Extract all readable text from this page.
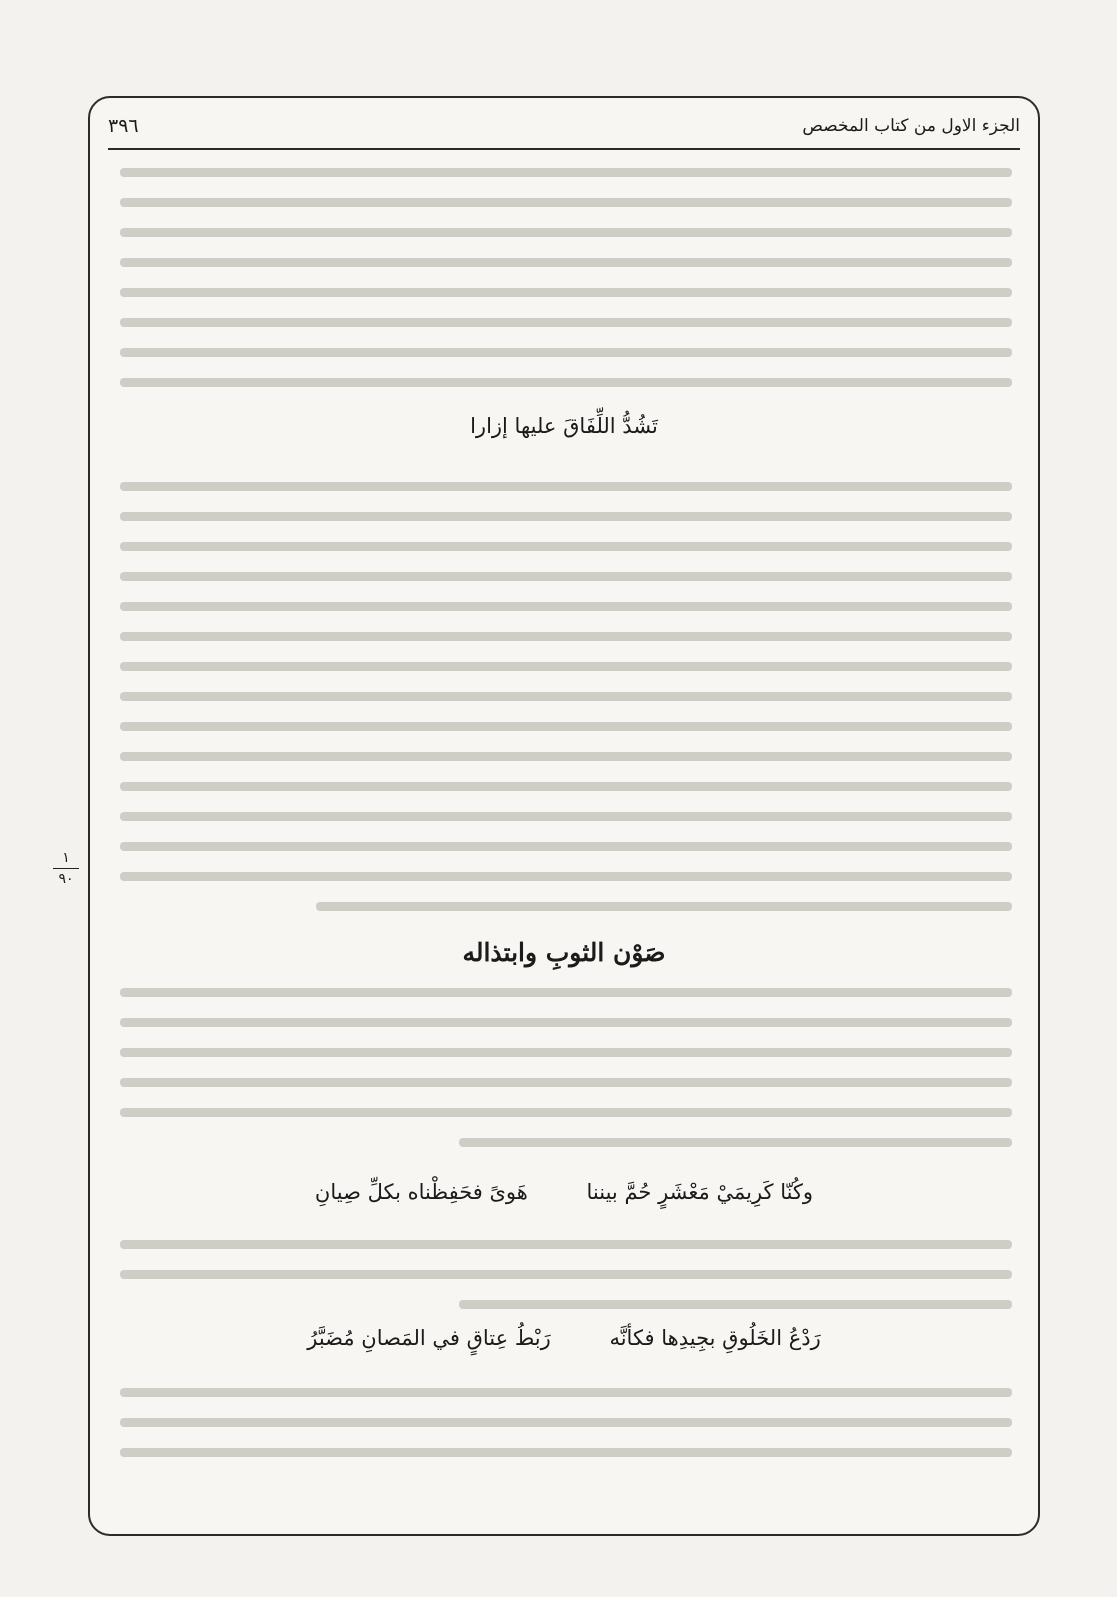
الجزء الاول من كتاب المخصص
٣٩٦
تَشُدُّ اللِّفَاقَ عليها إزارا
١
٩٠
صَوْن الثوبِ وابتذاله
وكُنّا كَرِيمَيْ مَعْشَرٍ حُمَّ بيننا هَوىً فحَفِظْناه بكلِّ صِيانِ
رَدْعُ الخَلُوقِ بجِيدِها فكأنَّه رَبْطُ عِتاقٍ في المَصانِ مُضَبَّرُ
